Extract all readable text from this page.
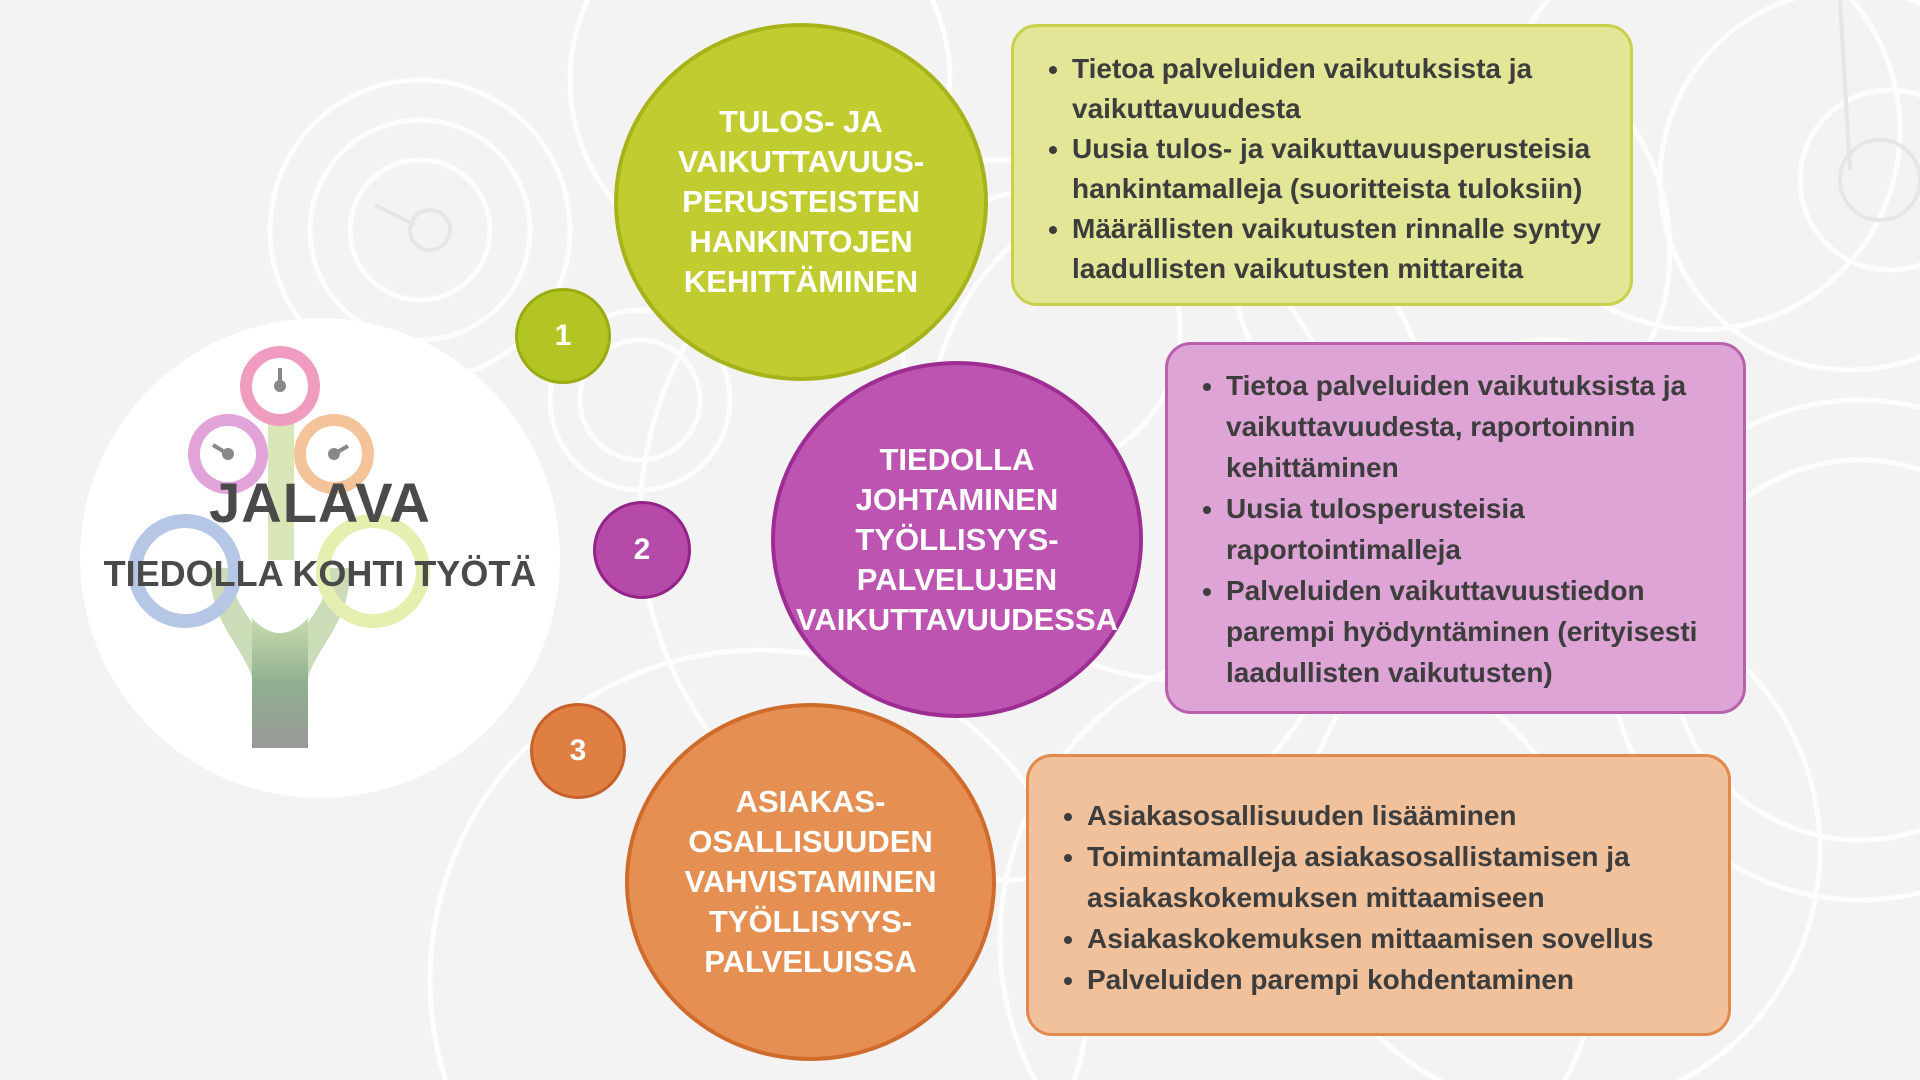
JALAVA

TIEDOLLA KOHTI TYÖTÄ

1
2
3
TULOS- JA
VAIKUTTAVUUS-
PERUSTEISTEN
HANKINTOJEN
KEHITTÄMINEN
TIEDOLLA
JOHTAMINEN
TYÖLLISYYS-
PALVELUJEN
VAIKUTTAVUUDESSA
ASIAKAS-
OSALLISUUDEN
VAHVISTAMINEN
TYÖLLISYYS-
PALVELUISSA
• Tietoa palveluiden vaikutuksista ja vaikuttavuudesta
• Uusia tulos- ja vaikuttavuusperusteisia hankintamalleja (suoritteista tuloksiin)
• Määrällisten vaikutusten rinnalle syntyy laadullisten vaikutusten mittareita
• Tietoa palveluiden vaikutuksista ja vaikuttavuudesta, raportoinnin kehittäminen
• Uusia tulosperusteisia raportointimalleja
• Palveluiden vaikuttavuustiedon parempi hyödyntäminen (erityisesti laadullisten vaikutusten)
• Asiakasosallisuuden lisääminen
• Toimintamalleja asiakasosallistamisen ja asiakaskokemuksen mittaamiseen
• Asiakaskokemuksen mittaamisen sovellus
• Palveluiden parempi kohdentaminen
